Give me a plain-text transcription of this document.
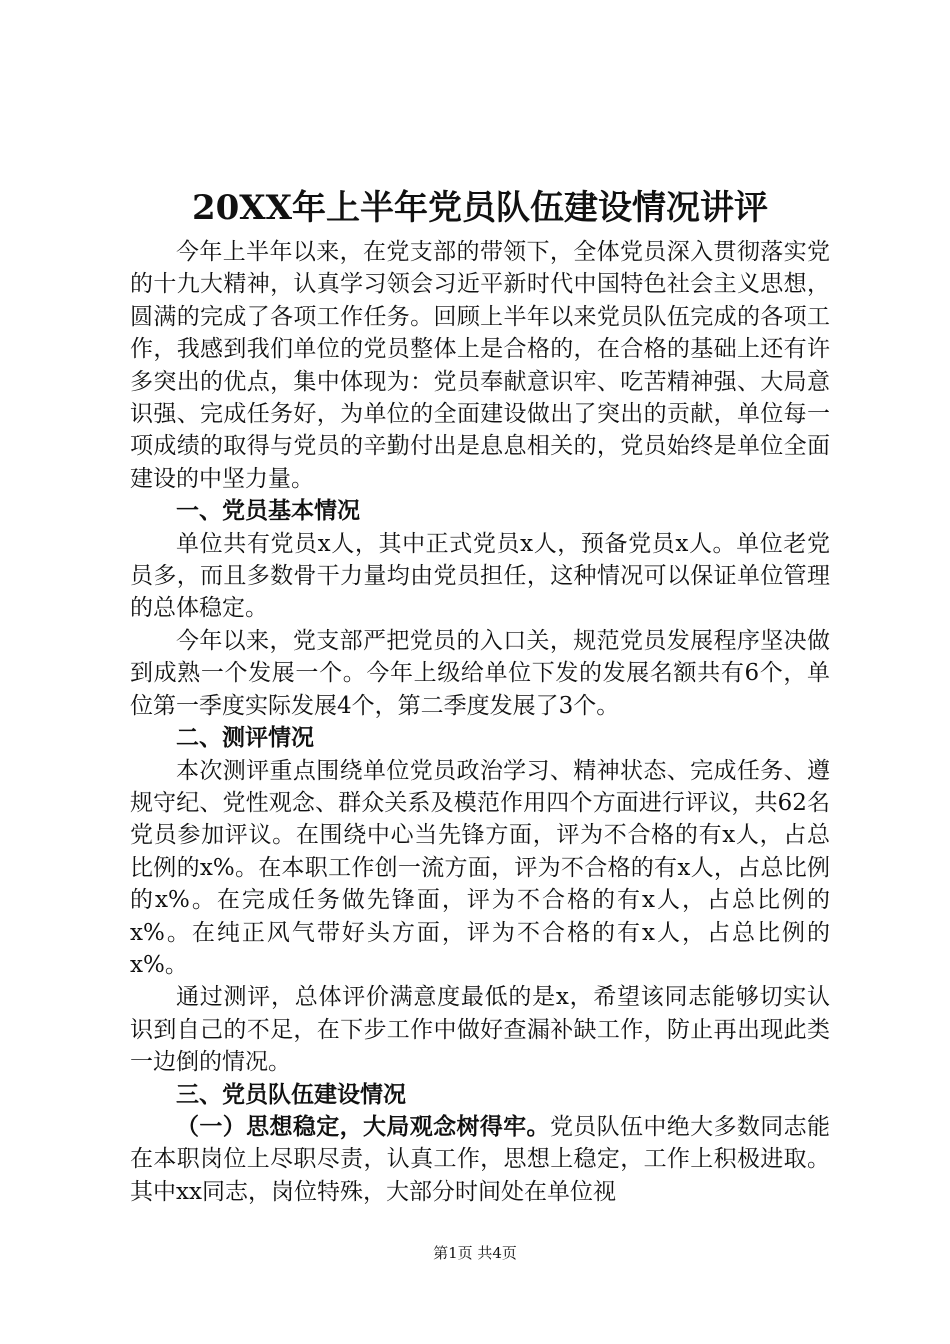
20XX年上半年党员队伍建设情况讲评

今年上半年以来，在党支部的带领下，全体党员深入贯彻落实党的十九大精神，认真学习领会习近平新时代中国特色社会主义思想，圆满的完成了各项工作任务。回顾上半年以来党员队伍完成的各项工作，我感到我们单位的党员整体上是合格的，在合格的基础上还有许多突出的优点，集中体现为：党员奉献意识牢、吃苦精神强、大局意识强、完成任务好，为单位的全面建设做出了突出的贡献，单位每一项成绩的取得与党员的辛勤付出是息息相关的，党员始终是单位全面建设的中坚力量。

一、党员基本情况

单位共有党员x人，其中正式党员x人，预备党员x人。单位老党员多，而且多数骨干力量均由党员担任，这种情况可以保证单位管理的总体稳定。

今年以来，党支部严把党员的入口关，规范党员发展程序坚决做到成熟一个发展一个。今年上级给单位下发的发展名额共有6个，单位第一季度实际发展4个，第二季度发展了3个。

二、测评情况

本次测评重点围绕单位党员政治学习、精神状态、完成任务、遵规守纪、党性观念、群众关系及模范作用四个方面进行评议，共62名党员参加评议。在围绕中心当先锋方面，评为不合格的有x人，占总比例的x%。在本职工作创一流方面，评为不合格的有x人，占总比例的x%。在完成任务做先锋面，评为不合格的有x人，占总比例的x%。在纯正风气带好头方面，评为不合格的有x人，占总比例的x%。

通过测评，总体评价满意度最低的是x，希望该同志能够切实认识到自己的不足，在下步工作中做好查漏补缺工作，防止再出现此类一边倒的情况。

三、党员队伍建设情况

（一）思想稳定，大局观念树得牢。党员队伍中绝大多数同志能在本职岗位上尽职尽责，认真工作，思想上稳定，工作上积极进取。其中xx同志，岗位特殊，大部分时间处在单位视

第1页 共4页
